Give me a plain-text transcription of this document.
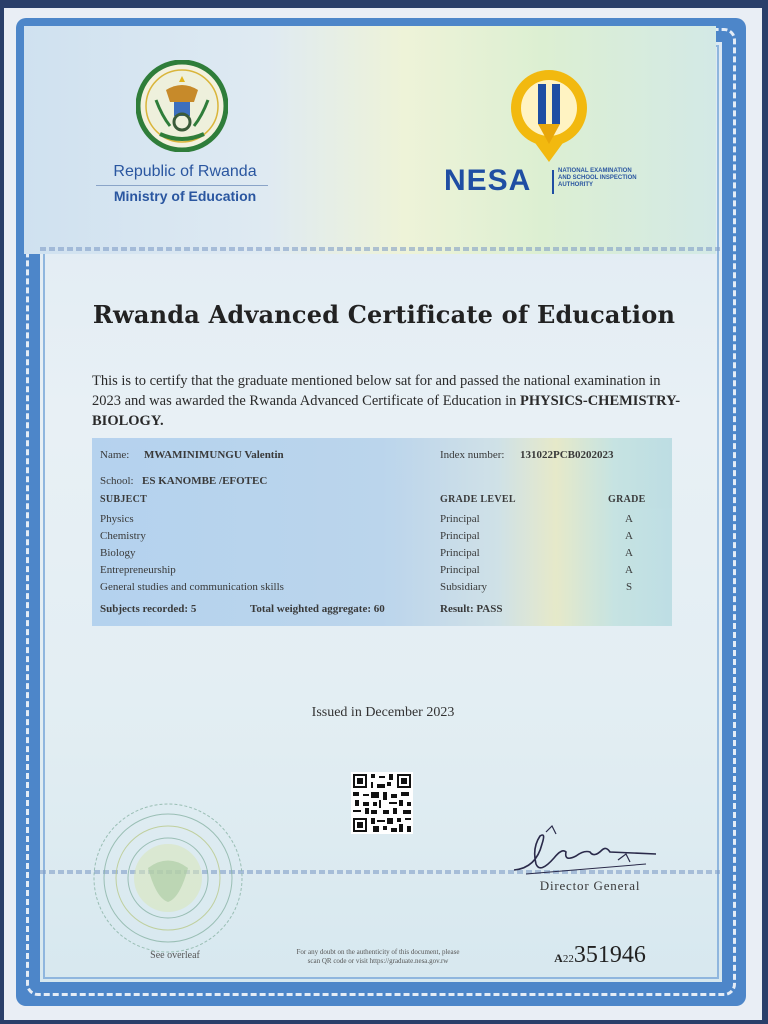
Republic of Rwanda
Ministry of Education	NESA	NATIONAL EXAMINATION
AND SCHOOL INSPECTION
AUTHORITY
Rwanda Advanced Certificate of Education
This is to certify that the graduate mentioned below sat for and passed the national examination in 2023 and was awarded the Rwanda Advanced Certificate of Education in PHYSICS-CHEMISTRY-BIOLOGY.
Name: MWAMINIMUNGU Valentin	Index number: 131022PCB0202023
School: ES KANOMBE /EFOTEC
SUBJECT	GRADE LEVEL	GRADE
Physics	Principal	A
Chemistry	Principal	A
Biology	Principal	A
Entrepreneurship	Principal	A
General studies and communication skills	Subsidiary	S
Subjects recorded: 5	Total weighted aggregate: 60	Result: PASS
Issued in December 2023
Director General
See overleaf	For any doubt on the authenticity of this document, please
scan QR code or visit https://graduate.nesa.gov.rw	A22351946
